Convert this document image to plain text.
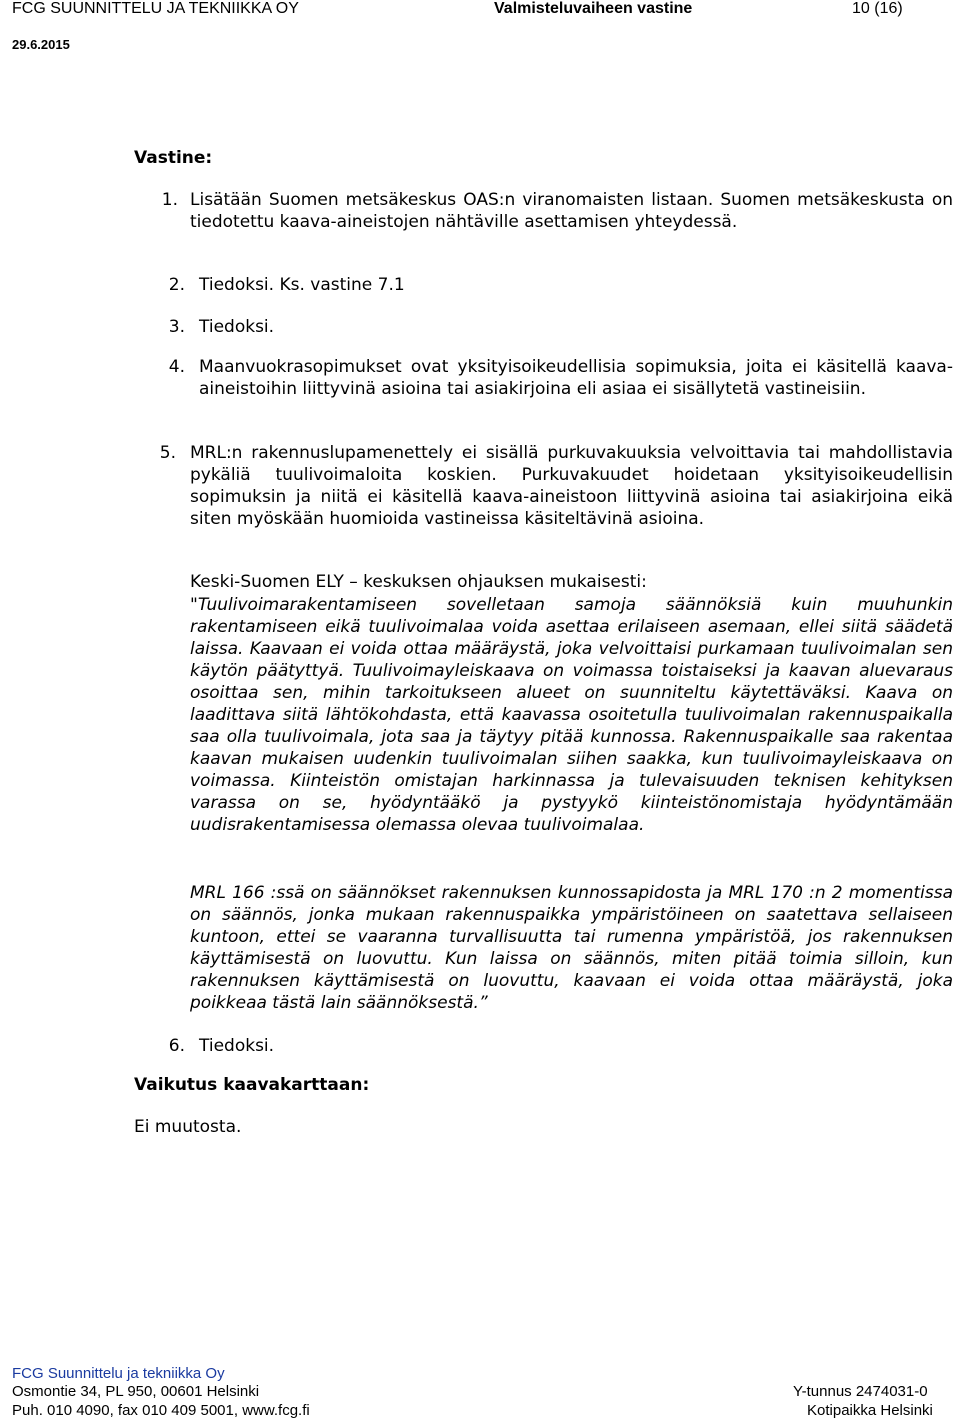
FCG SUUNNITTELU JA TEKNIIKKA OY	Valmisteluvaiheen vastine	10 (16)
29.6.2015
Vastine:
1. Lisätään Suomen metsäkeskus OAS:n viranomaisten listaan. Suomen metsäkeskusta on tiedotettu kaava-aineistojen nähtäville asettamisen yhteydessä.
2. Tiedoksi. Ks. vastine 7.1
3. Tiedoksi.
4. Maanvuokrasopimukset ovat yksityisoikeudellisia sopimuksia, joita ei käsitellä kaava-aineistoihin liittyvinä asioina tai asiakirjoina eli asiaa ei sisällytetä vastineisiin.
5. MRL:n rakennuslupamenettely ei sisällä purkuvakuuksia velvoittavia tai mahdollistavia pykäliä tuulivoimaloita koskien. Purkuvakuudet hoidetaan yksityisoikeudellisin sopimuksin ja niitä ei käsitellä kaava-aineistoon liittyvinä asioina tai asiakirjoina eikä siten myöskään huomioida vastineissa käsiteltävinä asioina.
Keski-Suomen ELY – keskuksen ohjauksen mukaisesti:
"Tuulivoimarakentamiseen sovelletaan samoja säännöksiä kuin muuhunkin rakentamiseen eikä tuulivoimalaa voida asettaa erilaiseen asemaan, ellei siitä säädetä laissa. Kaavaan ei voida ottaa määräystä, joka velvoittaisi purkamaan tuulivoimalan sen käytön päätyttyä. Tuulivoimayleiskaava on voimassa toistaiseksi ja kaavan aluevaraus osoittaa sen, mihin tarkoitukseen alueet on suunniteltu käytettäväksi. Kaava on laadittava siitä lähtökohdasta, että kaavassa osoitetulla tuulivoimalan rakennuspaikalla saa olla tuulivoimala, jota saa ja täytyy pitää kunnossa. Rakennuspaikalle saa rakentaa kaavan mukaisen uudenkin tuulivoimalan siihen saakka, kun tuulivoimayleiskaava on voimassa. Kiinteistön omistajan harkinnassa ja tulevaisuuden teknisen kehityksen varassa on se, hyödyntääkö ja pystyykö kiinteistönomistaja hyödyntämään uudisrakentamisessa olemassa olevaa tuulivoimalaa.
MRL 166 :ssä on säännökset rakennuksen kunnossapidosta ja MRL 170 :n 2 momentissa on säännös, jonka mukaan rakennuspaikka ympäristöineen on saatettava sellaiseen kuntoon, ettei se vaaranna turvallisuutta tai rumenna ympäristöä, jos rakennuksen käyttämisestä on luovuttu. Kun laissa on säännös, miten pitää toimia silloin, kun rakennuksen käyttämisestä on luovuttu, kaavaan ei voida ottaa määräystä, joka poikkeaa tästä lain säännöksestä.”
6. Tiedoksi.
Vaikutus kaavakarttaan:
Ei muutosta.
FCG Suunnittelu ja tekniikka Oy
Osmontie 34, PL 950, 00601 Helsinki
Puh. 010 4090, fax 010 409 5001, www.fcg.fi
Y-tunnus 2474031-0
Kotipaikka Helsinki
